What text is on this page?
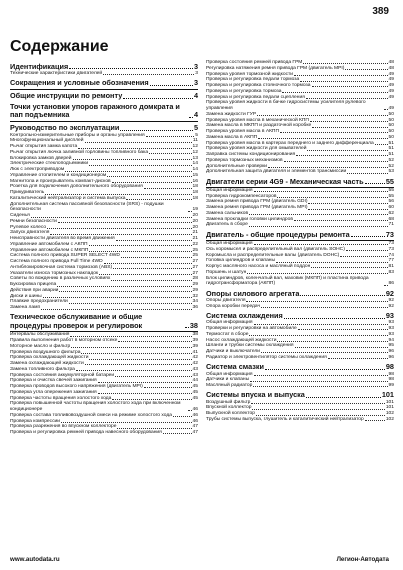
389
Содержание
Идентификация	3
Технические характеристики двигателей	3
Сокращения и условные обозначения	3
Общие инструкции по ремонту	4
Точки установки упоров гаражного домкрата и пап подъемника	4
Руководство по эксплуатации	5
Контрольно-измерительные приборы и органы управления	5
Многофункциональный дисплей	11
Рычаг открытия замка капота	12
Рычаг открытия лючка заливной горловины топливного бака	12
Блокировка замков дверей	13
Электрические стеклоподъемники	14
Люк с электроприводом	14
Управление отопителем и кондиционером	15
Магнитола и проигрыватель компакт-дисков	16
Розетка для подключения дополнительного оборудования	18
Прикуриватель	18
Каталитический нейтрализатор и система выпуска	18
Дополнительная система пассивной безопасности (SRS) - подушки безопасности	19
Сиденья	20
Ремни безопасности	20
Рулевое колесо	20
Запуск двигателя	21
Неисправности двигателя во время движения	21
Управление автомобилем с АКПП	22
Управление автомобилем с МКПП	25
Система полного привода SUPER SELECT 4WD	25
Система полного привода Full Time 4WD	27
Антиблокировочная система тормозов (ABS)	27
Указатели износа тормозных накладок	27
Советы по вождению в различных условиях	28
Буксировка прицепа	29
Действия при аварии	29
Диски и шины	32
Плавкие предохранители	34
Замена ламп	36
Техническое обслуживание и общие процедуры проверок и регулировок	38
Интервалы обслуживания	38
Правила выполнения работ в моторном отсеке	39
Моторное масло и фильтр	39
Проверка воздушного фильтра	41
Проверка охлаждающей жидкости	42
Замена охлаждающей жидкости	42
Замена топливного фильтра	43
Проверка состояния аккумуляторной батареи	43
Проверка и очистка свечей зажигания	44
Проверка проводов высокого напряжения (двигатель MPI)	45
Проверка угла опережения зажигания	45
Проверка частоты вращения холостого хода	45
Проверка повышенной частоты вращения холостого хода при включенном кондиционере	46
Проверка состава топливовоздушной смеси на режиме холостого хода	46
Проверка компрессии	46
Проверка разрежения во впускном коллекторе	47
Проверка и регулировка ремней привода навесного оборудования	47
Проверка состояния ремней привода ГРМ	48
Регулировка натяжения ремня привода ГРМ (двигатель MPI)	48
Проверка уровня тормозной жидкости	49
Проверка и регулировка педали тормоза	49
Проверка и регулировка стояночного тормоза	49
Проверка и регулировка тормоза	49
Проверка и регулировка педали сцепления	49
Проверка уровня жидкости в бачке гидросистемы усилителя рулевого управления	49
Замена жидкости ГУР	50
Проверка уровня масла в механической КПП	50
Замена масла в МКПП и раздаточной коробке	50
Проверка уровня масла в АКПП	50
Замена масла в АКПП	50
Проверка уровня масла в картерах переднего и заднего дифференциала	51
Проверка уровня жидкости для омывателей	51
Заправка системы кондиционирования	51
Проверка тормозных механизмов	52
Дополнительные проверки	52
Дополнительная защита двигателя и элементов трансмиссии	53
Двигатели серии 4G9 - Механическая часть	55
Общая информация	55
Проверка гидрокомпенсаторов	55
Замена ремня привода ГРМ (двигатель GDI)	56
Замена ремня привода ГРМ (двигатель MPI)	60
Замена сальников	62
Замена прокладки головки цилиндров	68
Двигатель в сборе	71
Двигатель - общие процедуры ремонта	73
Общая информация	73
Ось коромысел и распределительный вал (двигатель SOHC)	73
Коромысла и распределительные валы (двигатель DOHC)	74
Головка цилиндров и клапаны	77
Корпус масляного насоса и масляный поддон	81
Поршень и шатун	83
Блок цилиндров, коленчатый вал, маховик (МКПП) и пластина привода гидротрансформатора (АКПП)	86
Опоры силового агрегата	92
Опоры двигателя	92
Опора коробки передач	92
Система охлаждения	93
Общая информация	93
Проверки и регулировки на автомобиле	93
Термостат в сборе	93
Насос охлаждающей жидкости	94
Шланги и трубки системы охлаждения	95
Датчики и выключатели	96
Радиатор и электровентилятор системы охлаждения	96
Система смазки	98
Общая информация	98
Датчики и клапаны	98
Масляный радиатор	99
Системы впуска и выпуска	101
Воздушный фильтр	101
Впускной коллектор	101
Выпускной коллектор	102
Трубы системы выпуска, глушитель и каталитический нейтрализатор	102
www.autodata.ru	Легион-Автодата
